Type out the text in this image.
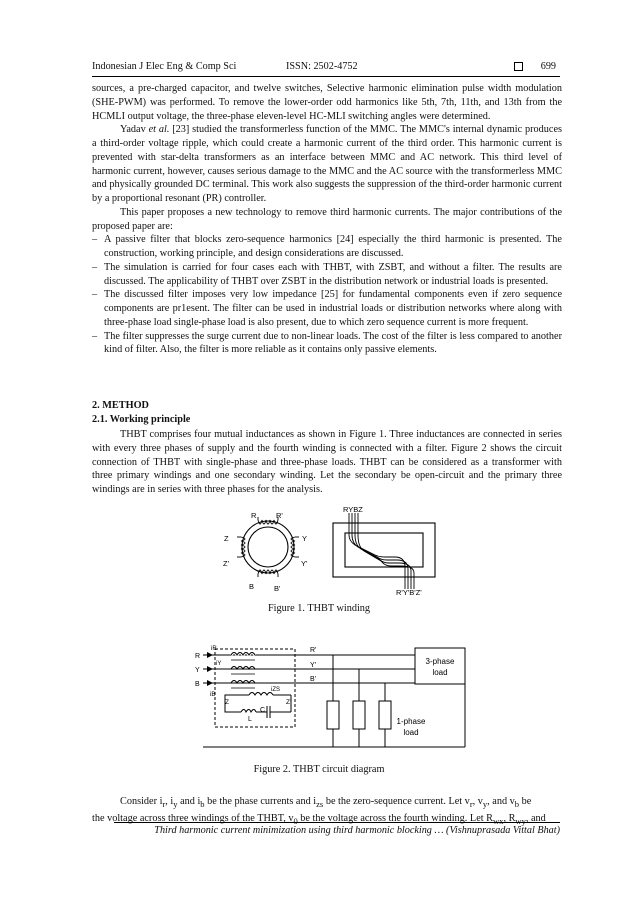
Indonesian J Elec Eng & Comp Sci	ISSN: 2502-4752	699

sources, a pre-charged capacitor, and twelve switches, Selective harmonic elimination pulse width modulation (SHE-PWM) was performed. To remove the lower-order odd harmonics like 5th, 7th, 11th, and 13th from the HCMLI output voltage, the three-phase eleven-level HC-MLI switching angles were determined.

Yadav et al. [23] studied the transformerless function of the MMC. The MMC's internal dynamic produces a third-order voltage ripple, which could create a harmonic current of the third order. This harmonic current is prevented with star-delta transformers as an interface between MMC and AC network. This third level of harmonic current, however, causes serious damage to the MMC and the AC source with the transformerless MMC and physically grounded DC terminal. This work also suggests the suppression of the third-order harmonic current by a proportional resonant (PR) controller.

This paper proposes a new technology to remove third harmonic currents. The major contributions of the proposed paper are:

– A passive filter that blocks zero-sequence harmonics [24] especially the third harmonic is presented. The construction, working principle, and design considerations are discussed.
– The simulation is carried for four cases each with THBT, with ZSBT, and without a filter. The results are discussed. The applicability of THBT over ZSBT in the distribution network or industrial loads is presented.
– The discussed filter imposes very low impedance [25] for fundamental components even if zero sequence components are pr1esent. The filter can be used in industrial loads or distribution networks where along with three-phase load single-phase load is also present, due to which zero sequence current is more frequent.
– The filter suppresses the surge current due to non-linear loads. The cost of the filter is less compared to another kind of filter. Also, the filter is more reliable as it contains only passive elements.
2. METHOD
2.1. Working principle
THBT comprises four mutual inductances as shown in Figure 1. Three inductances are connected in series with every three phases of supply and the fourth winding is connected with a filter. Figure 2 shows the circuit connection of THBT with single-phase and three-phase loads. THBT can be considered as a transformer with three primary windings and one secondary winding. Let the secondary be open-circuit and the primary three windings are in series with three phases for the analysis.
R	R'
Z
Z'
Y
Y'
B	B'
RYBZ
R'Y'B'Z'
Figure 1. THBT winding
R
Y
B
iR
iY
iB
R'
Y'
B'
Z	Z'
iZS
L
C
3-phase
load
1-phase
load
Figure 2. THBT circuit diagram

Consider $i_r$, $i_y$ and $i_b$ be the phase currents and $i_{zs}$ be the zero-sequence current. Let $v_r$, $v_y$, and $v_b$ be

the voltage across three windings of the THBT, $v_0$ be the voltage across the fourth winding. Let $R_{wx}$, $R_{wy}$, and

Third harmonic current minimization using third harmonic blocking … (Vishnuprasada Vittal Bhat)
